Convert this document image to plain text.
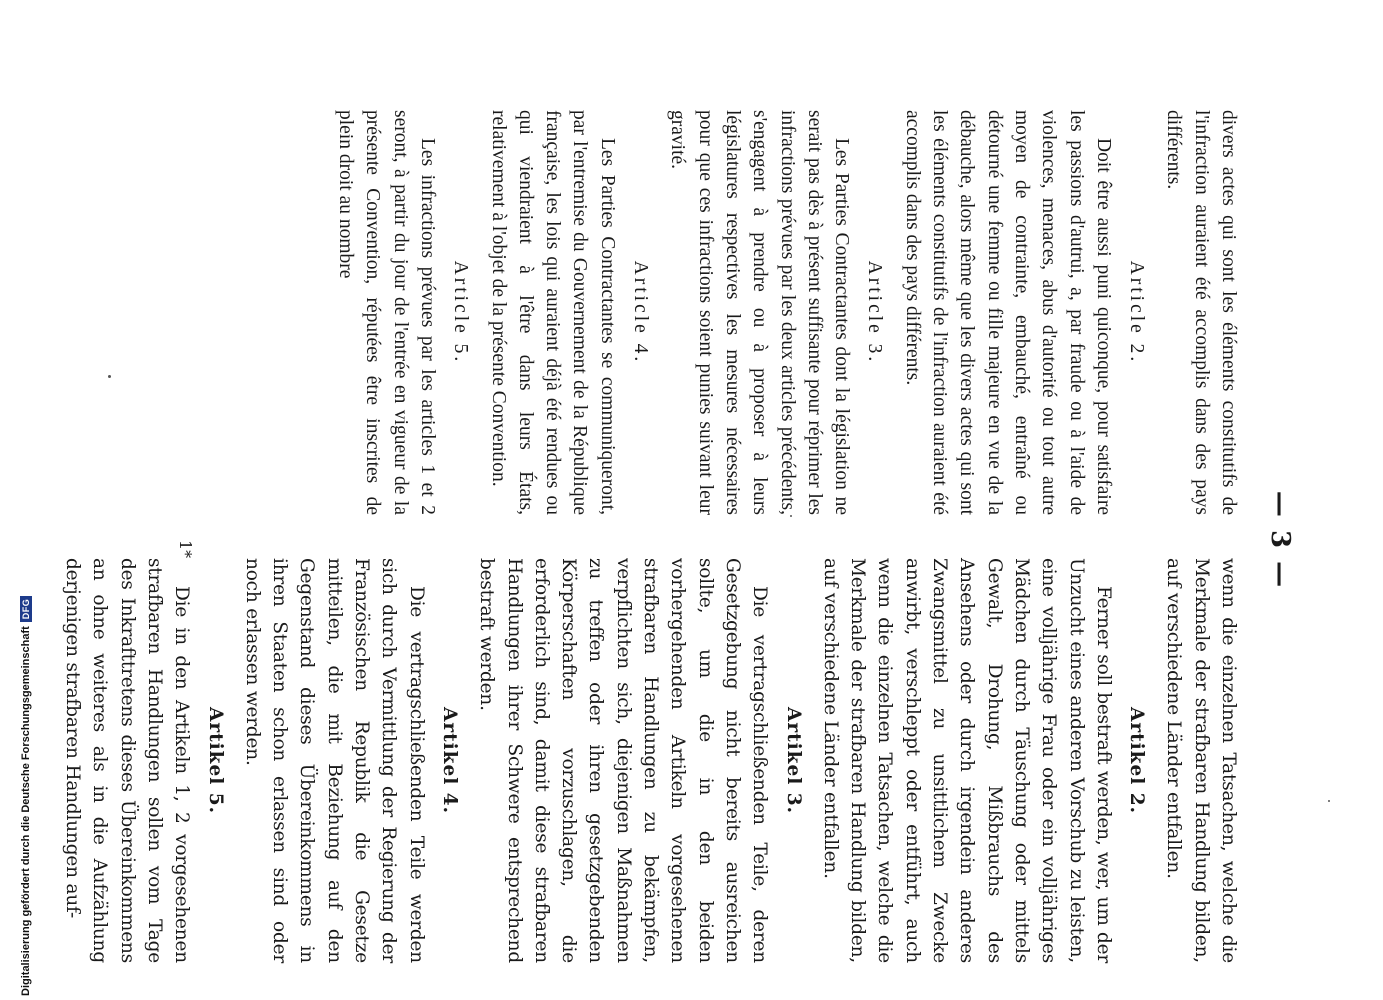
— 3 —

divers actes qui sont les éléments constitutifs de l'infraction auraient été accomplis dans des pays différents.

Article 2.

Doit être aussi puni quiconque, pour satisfaire les passions d'autrui, a, par fraude ou à l'aide de violences, menaces, abus d'autorité ou tout autre moyen de contrainte, embauché, entraîné ou détourné une femme ou fille majeure en vue de la débauche, alors même que les divers actes qui sont les éléments constitutifs de l'infraction auraient été accomplis dans des pays différents.

Article 3.

Les Parties Contractantes dont la législation ne serait pas dès à présent suffisante pour réprimer les infractions prévues par les deux articles précédents, s'engagent à prendre ou à proposer à leurs législatures respectives les mesures nécessaires pour que ces infractions soient punies suivant leur gravité.

Article 4.

Les Parties Contractantes se communiqueront, par l'entremise du Gouvernement de la République française, les lois qui auraient déjà été rendues ou qui viendraient à l'être dans leurs États, relativement à l'objet de la présente Convention.

Article 5.

Les infractions prévues par les articles 1 et 2 seront, à partir du jour de l'entrée en vigueur de la présente Convention, réputées être inscrites de plein droit au nombre

wenn die einzelnen Tatsachen, welche die Merkmale der strafbaren Handlung bilden, auf verschiedene Länder entfallen.

Artikel 2.

Ferner soll bestraft werden, wer, um der Unzucht eines anderen Vorschub zu leisten, eine volljährige Frau oder ein volljähriges Mädchen durch Täuschung oder mittels Gewalt, Drohung, Mißbrauchs des Ansehens oder durch irgendein anderes Zwangsmittel zu unsittlichem Zwecke anwirbt, verschleppt oder entführt, auch wenn die einzelnen Tatsachen, welche die Merkmale der strafbaren Handlung bilden, auf verschiedene Länder entfallen.

Artikel 3.

Die vertragschließenden Teile, deren Gesetzgebung nicht bereits ausreichen sollte, um die in den beiden vorhergehenden Artikeln vorgesehenen strafbaren Handlungen zu bekämpfen, verpflichten sich, diejenigen Maßnahmen zu treffen oder ihren gesetzgebenden Körperschaften vorzuschlagen, die erforderlich sind, damit diese strafbaren Handlungen ihrer Schwere entsprechend bestraft werden.

Artikel 4.

Die vertragschließenden Teile werden sich durch Vermittlung der Regierung der Französischen Republik die Gesetze mitteilen, die mit Beziehung auf den Gegenstand dieses Übereinkommens in ihren Staaten schon erlassen sind oder noch erlassen werden.

Artikel 5.

Die in den Artikeln 1, 2 vorgesehenen strafbaren Handlungen sollen vom Tage des Inkrafttretens dieses Übereinkommens an ohne weiteres als in die Aufzählung derjenigen strafbaren Handlungen auf-

1*
Digitalisierung gefördert durch die Deutsche Forschungsgemeinschaft
DFG
